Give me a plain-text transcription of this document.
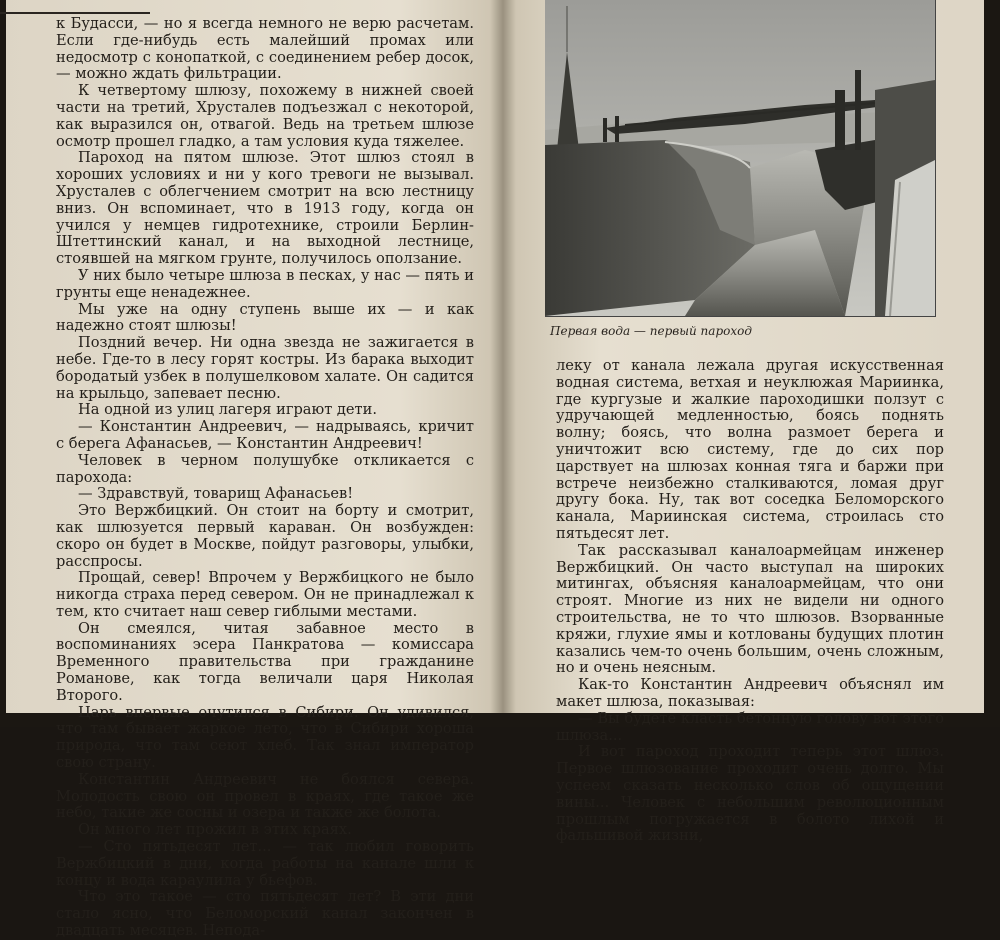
к Будасси, — но я всегда немного не верю расчетам. Если где-нибудь есть малейший промах или недосмотр с конопаткой, с соединением ребер досок, — можно ждать фильтрации.

К четвертому шлюзу, похожему в нижней своей части на третий, Хрусталев подъезжал с некоторой, как выразился он, отвагой. Ведь на третьем шлюзе осмотр прошел гладко, а там условия куда тяжелее.

Пароход на пятом шлюзе. Этот шлюз стоял в хороших условиях и ни у кого тревоги не вызывал. Хрусталев с облегчением смотрит на всю лестницу вниз. Он вспоминает, что в 1913 году, когда он учился у немцев гидротехнике, строили Берлин-Штеттинский канал, и на выходной лестнице, стоявшей на мягком грунте, получилось оползание.

У них было четыре шлюза в песках, у нас — пять и грунты еще ненадежнее.

Мы уже на одну ступень выше их — и как надежно стоят шлюзы!

Поздний вечер. Ни одна звезда не зажигается в небе. Где-то в лесу горят костры. Из барака выходит бородатый узбек в полушелковом халате. Он садится на крыльцо, запевает песню.

На одной из улиц лагеря играют дети.

— Константин Андреевич, — надрываясь, кричит с берега Афанасьев, — Константин Андреевич!

Человек в черном полушубке откликается с парохода:

— Здравствуй, товарищ Афанасьев!

Это Вержбицкий. Он стоит на борту и смотрит, как шлюзуется первый караван. Он возбужден: скоро он будет в Москве, пойдут разговоры, улыбки, расспросы.

Прощай, север! Впрочем у Вержбицкого не было никогда страха перед севером. Он не принадлежал к тем, кто считает наш север гиблыми местами.

Он смеялся, читая забавное место в воспоминаниях эсера Панкратова — комиссара Временного правительства при гражданине Романове, как тогда величали царя Николая Второго.

Царь впервые очутился в Сибири. Он удивился, что там бывает жаркое лето, что в Сибири хороша природа, что там сеют хлеб. Так знал император свою страну.

Константин Андреевич не боялся севера. Молодость свою он провел в краях, где такое же небо, такие же сосны и озера и также же болота.

Он много лет прожил в этих краях.

— Сто пятьдесят лет... — так любил говорить Вержбицкий в дни, когда работы на канале шли к концу и вода караулила у бьефов.

Что это такое — сто пятьдесят лет? В эти дни стало ясно, что Беломорский канал закончен в двадцать месяцев. Непода-

Первая вода — первый пароход

леку от канала лежала другая искусственная водная система, ветхая и неуклюжая Мариинка, где кургузые и жалкие пароходишки ползут с удручающей медленностью, боясь поднять волну; боясь, что волна размоет берега и уничтожит всю систему, где до сих пор царствует на шлюзах конная тяга и баржи при встрече неизбежно сталкиваются, ломая друг другу бока. Ну, так вот соседка Беломорского канала, Мариинская система, строилась сто пятьдесят лет.

Так рассказывал каналоармейцам инженер Вержбицкий. Он часто выступал на широких митингах, объясняя каналоармейцам, что они строят. Многие из них не видели ни одного строительства, не то что шлюзов. Взорванные кряжи, глухие ямы и котлованы будущих плотин казались чем-то очень большим, очень сложным, но и очень неясным.

Как-то Константин Андреевич объяснял им макет шлюза, показывая:

— Вы будете класть бетонную голову вот этого шлюза...

И вот пароход проходит теперь этот шлюз. Первое шлюзование проходит очень долго. Мы успеем сказать несколько слов об ощущении вины... Человек с небольшим революционным прошлым погружается в болото лихой и фальшивой жизни,
